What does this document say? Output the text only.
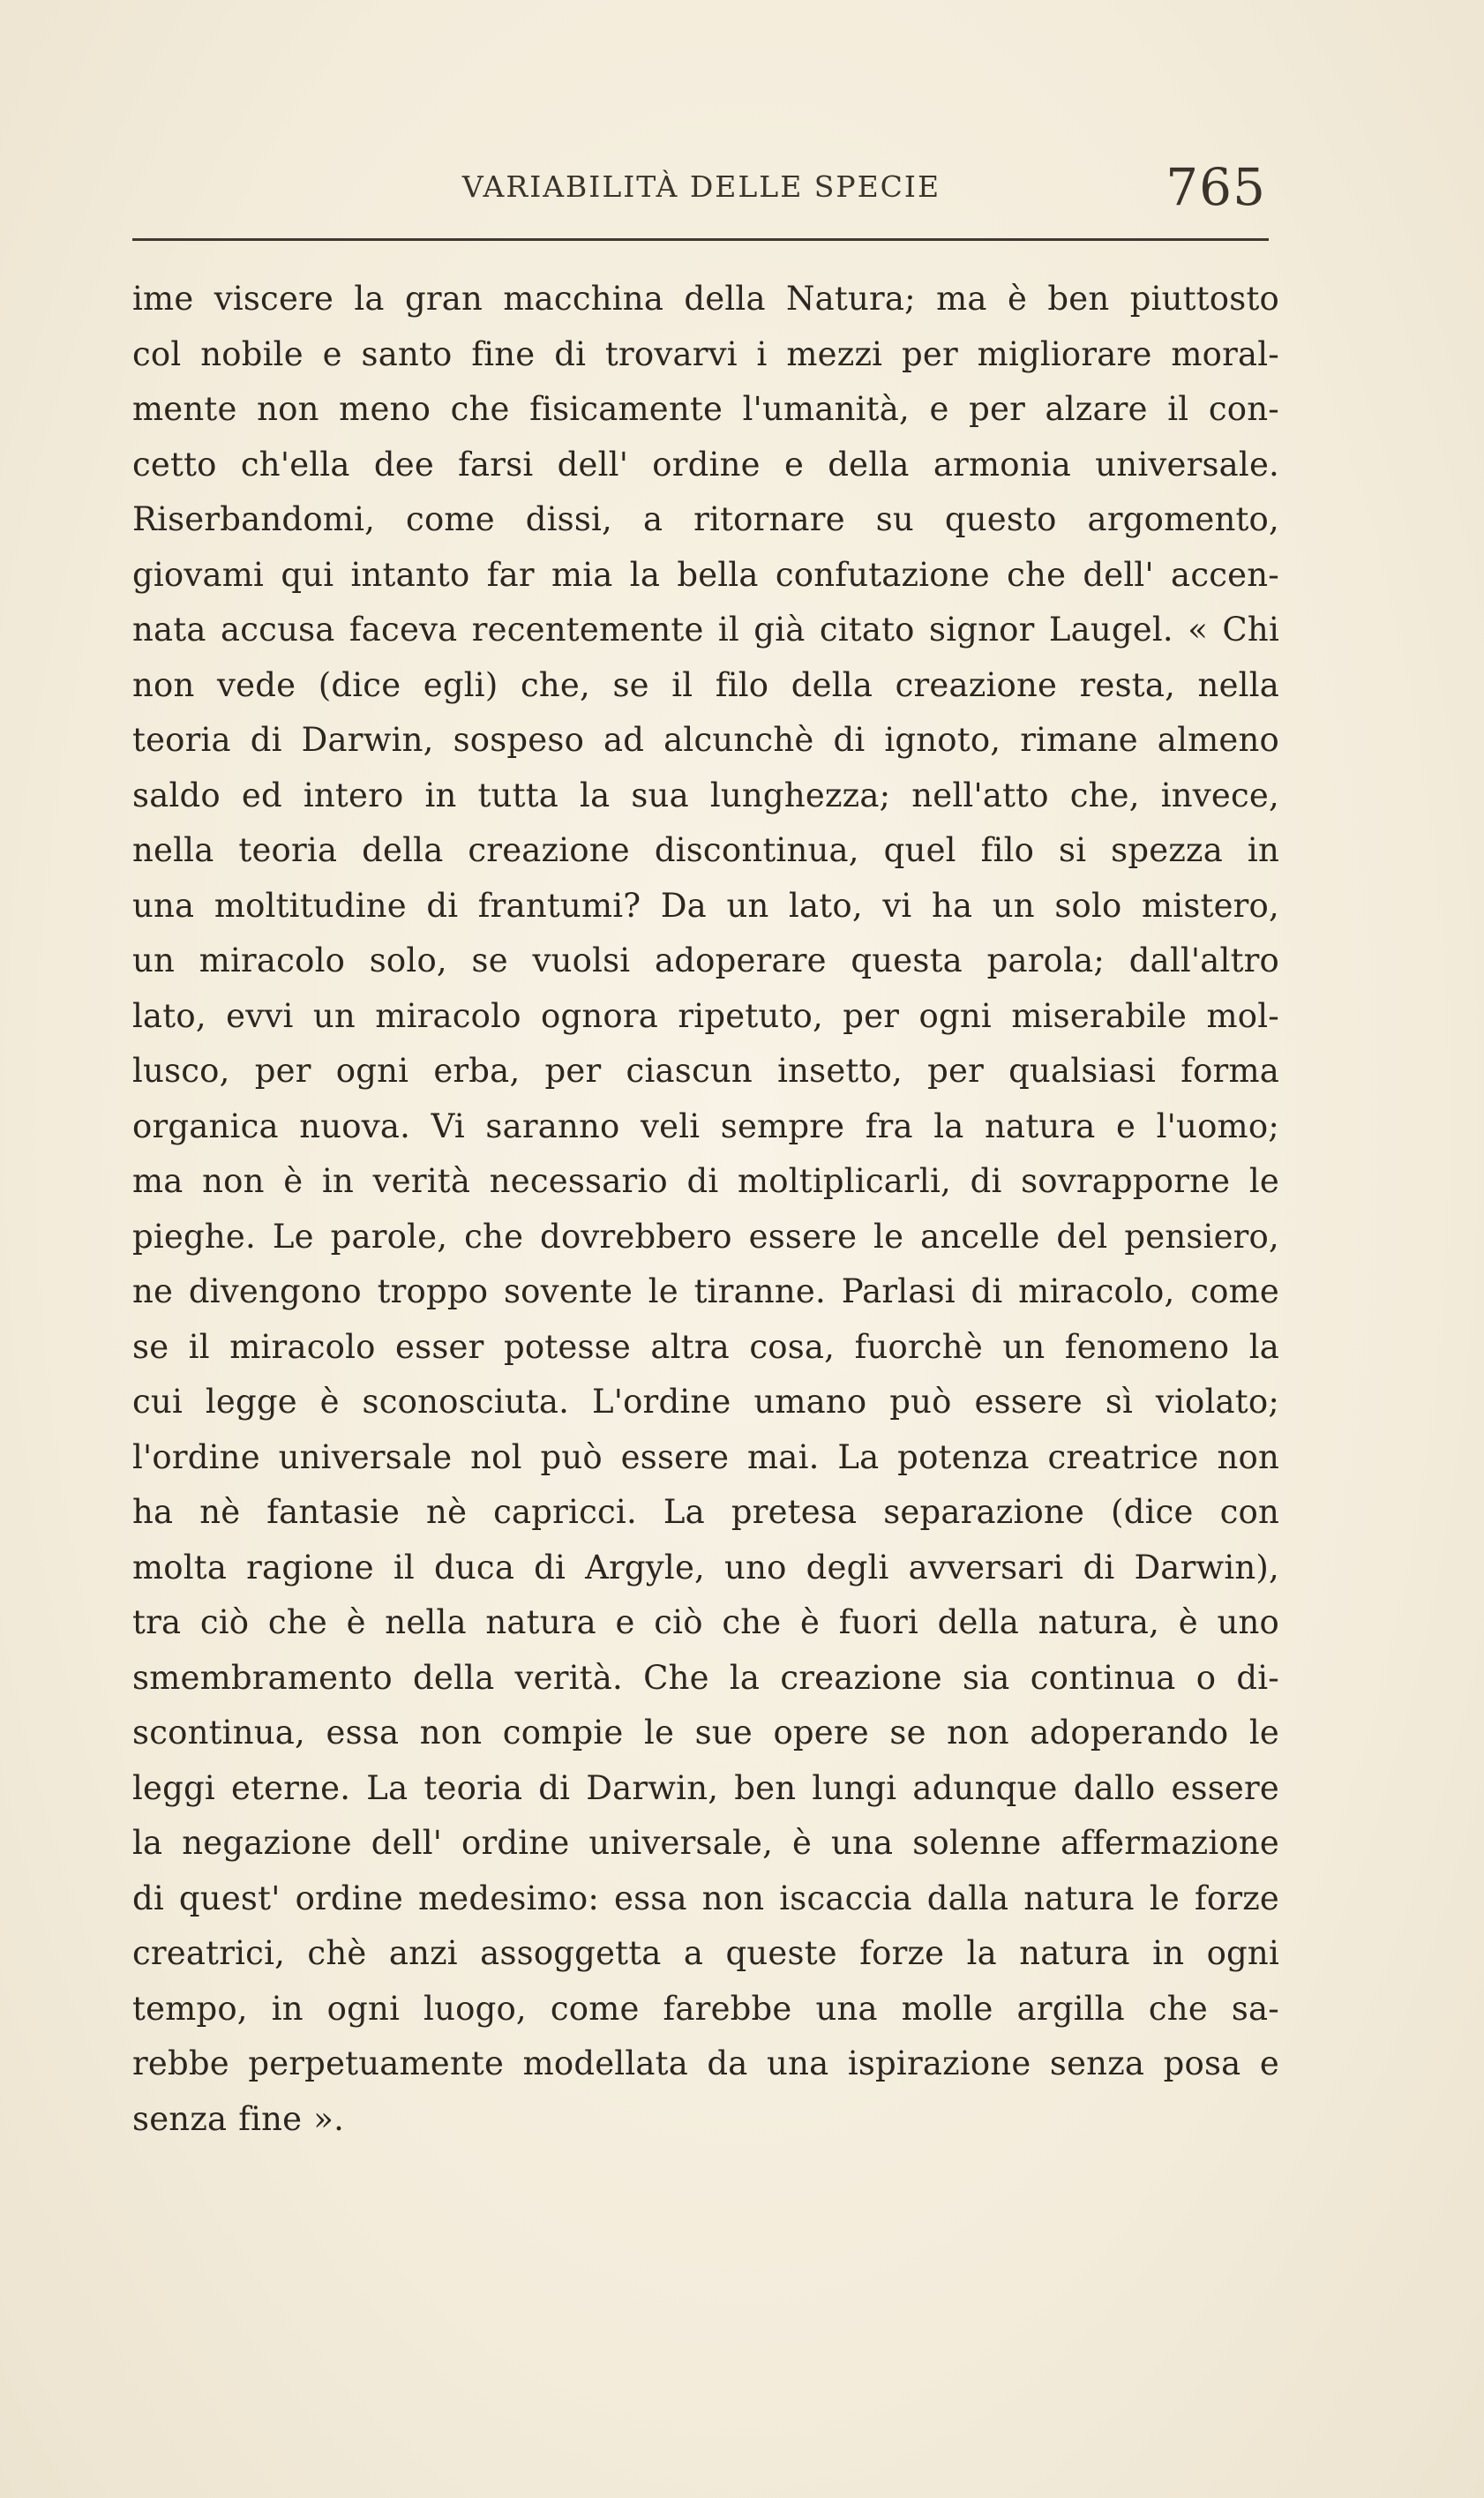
VARIABILITÀ DELLE SPECIE	765
ime viscere la gran macchina della Natura; ma è ben piuttosto
col nobile e santo fine di trovarvi i mezzi per migliorare moral-
mente non meno che fisicamente l'umanità, e per alzare il con-
cetto ch'ella dee farsi dell' ordine e della armonia universale.
Riserbandomi, come dissi, a ritornare su questo argomento,
giovami qui intanto far mia la bella confutazione che dell' accen-
nata accusa faceva recentemente il già citato signor Laugel. « Chi
non vede (dice egli) che, se il filo della creazione resta, nella
teoria di Darwin, sospeso ad alcunchè di ignoto, rimane almeno
saldo ed intero in tutta la sua lunghezza; nell'atto che, invece,
nella teoria della creazione discontinua, quel filo si spezza in
una moltitudine di frantumi? Da un lato, vi ha un solo mistero,
un miracolo solo, se vuolsi adoperare questa parola; dall'altro
lato, evvi un miracolo ognora ripetuto, per ogni miserabile mol-
lusco, per ogni erba, per ciascun insetto, per qualsiasi forma
organica nuova. Vi saranno veli sempre fra la natura e l'uomo;
ma non è in verità necessario di moltiplicarli, di sovrapporne le
pieghe. Le parole, che dovrebbero essere le ancelle del pensiero,
ne divengono troppo sovente le tiranne. Parlasi di miracolo, come
se il miracolo esser potesse altra cosa, fuorchè un fenomeno la
cui legge è sconosciuta. L'ordine umano può essere sì violato;
l'ordine universale nol può essere mai. La potenza creatrice non
ha nè fantasie nè capricci. La pretesa separazione (dice con
molta ragione il duca di Argyle, uno degli avversari di Darwin),
tra ciò che è nella natura e ciò che è fuori della natura, è uno
smembramento della verità. Che la creazione sia continua o di-
scontinua, essa non compie le sue opere se non adoperando le
leggi eterne. La teoria di Darwin, ben lungi adunque dallo essere
la negazione dell' ordine universale, è una solenne affermazione
di quest' ordine medesimo: essa non iscaccia dalla natura le forze
creatrici, chè anzi assoggetta a queste forze la natura in ogni
tempo, in ogni luogo, come farebbe una molle argilla che sa-
rebbe perpetuamente modellata da una ispirazione senza posa e
senza fine ».
